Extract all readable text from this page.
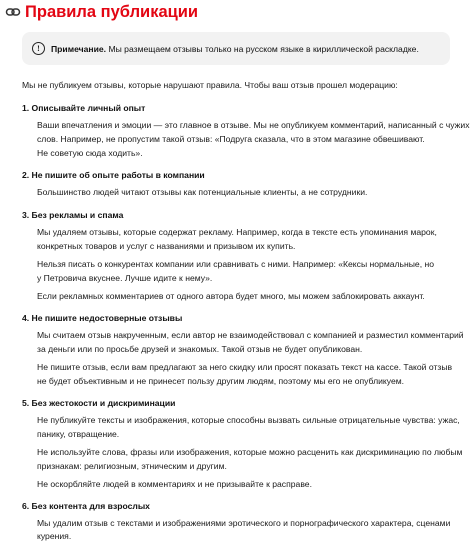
Правила публикации
!	Примечание. Мы размещаем отзывы только на русском языке в кириллической раскладке.
Мы не публикуем отзывы, которые нарушают правила. Чтобы ваш отзыв прошел модерацию:
1. Описывайте личный опыт
Ваши впечатления и эмоции — это главное в отзыве. Мы не опубликуем комментарий, написанный с чужих
слов. Например, не пропустим такой отзыв: «Подруга сказала, что в этом магазине обвешивают.
Не советую сюда ходить».
2. Не пишите об опыте работы в компании
Большинство людей читают отзывы как потенциальные клиенты, а не сотрудники.
3. Без рекламы и спама
Мы удаляем отзывы, которые содержат рекламу. Например, когда в тексте есть упоминания марок,
конкретных товаров и услуг с названиями и призывом их купить.
Нельзя писать о конкурентах компании или сравнивать с ними. Например: «Кексы нормальные, но
у Петровича вкуснее. Лучше идите к нему».
Если рекламных комментариев от одного автора будет много, мы можем заблокировать аккаунт.
4. Не пишите недостоверные отзывы
Мы считаем отзыв накрученным, если автор не взаимодействовал с компанией и разместил комментарий
за деньги или по просьбе друзей и знакомых. Такой отзыв не будет опубликован.
Не пишите отзыв, если вам предлагают за него скидку или просят показать текст на кассе. Такой отзыв
не будет объективным и не принесет пользу другим людям, поэтому мы его не опубликуем.
5. Без жестокости и дискриминации
Не публикуйте тексты и изображения, которые способны вызвать сильные отрицательные чувства: ужас,
панику, отвращение.
Не используйте слова, фразы или изображения, которые можно расценить как дискриминацию по любым
признакам: религиозным, этническим и другим.
Не оскорбляйте людей в комментариях и не призывайте к расправе.
6. Без контента для взрослых
Мы удалим отзыв с текстами и изображениями эротического и порнографического характера, сценами
курения.
